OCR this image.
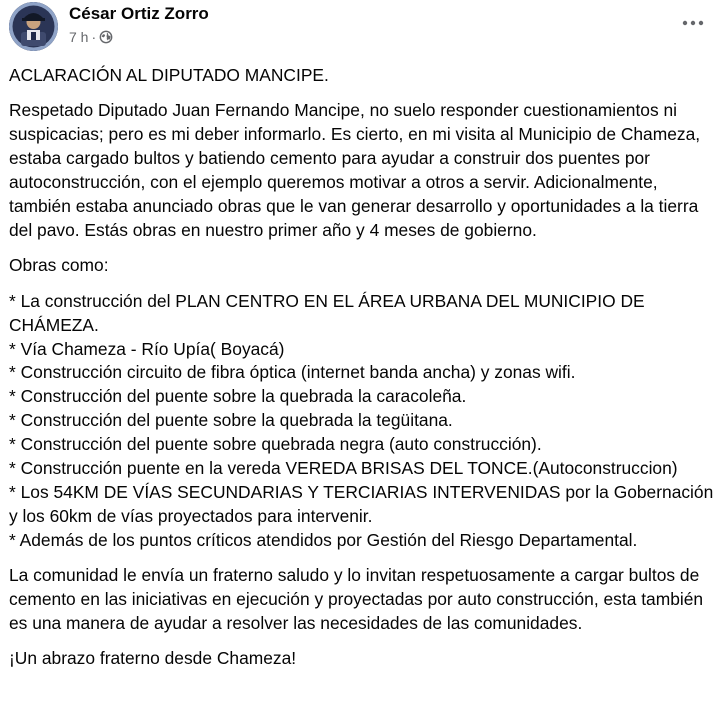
César Ortiz Zorro
7 h ·

ACLARACIÓN AL DIPUTADO MANCIPE.

Respetado Diputado Juan Fernando Mancipe, no suelo responder cuestionamientos ni suspicacias; pero es mi deber informarlo. Es cierto, en mi visita al Municipio de Chameza, estaba cargado bultos y batiendo cemento para ayudar a construir dos puentes por autoconstrucción, con el ejemplo queremos motivar a otros a servir. Adicionalmente, también estaba anunciado obras que le van generar desarrollo y oportunidades a la tierra del pavo. Estás obras en nuestro primer año y 4 meses de gobierno.

Obras como:

* La construcción del PLAN CENTRO EN EL ÁREA URBANA DEL MUNICIPIO DE CHÁMEZA.
* Vía Chameza - Río Upía( Boyacá)
* Construcción circuito de fibra óptica (internet banda ancha) y zonas wifi.
* Construcción del puente sobre la quebrada la caracoleña.
* Construcción del puente sobre la quebrada la tegüitana.
* Construcción del puente sobre quebrada negra (auto construcción).
* Construcción puente en la vereda VEREDA BRISAS DEL TONCE.(Autoconstruccion)
* Los 54KM DE VÍAS SECUNDARIAS Y TERCIARIAS INTERVENIDAS por la Gobernación y los 60km de vías proyectados para intervenir.
* Además de los puntos críticos atendidos por Gestión del Riesgo Departamental.

La comunidad le envía un fraterno saludo y lo invitan respetuosamente a cargar bultos de cemento en las iniciativas en ejecución y proyectadas por auto construcción, esta también es una manera de ayudar a resolver las necesidades de las comunidades.

¡Un abrazo fraterno desde Chameza!
